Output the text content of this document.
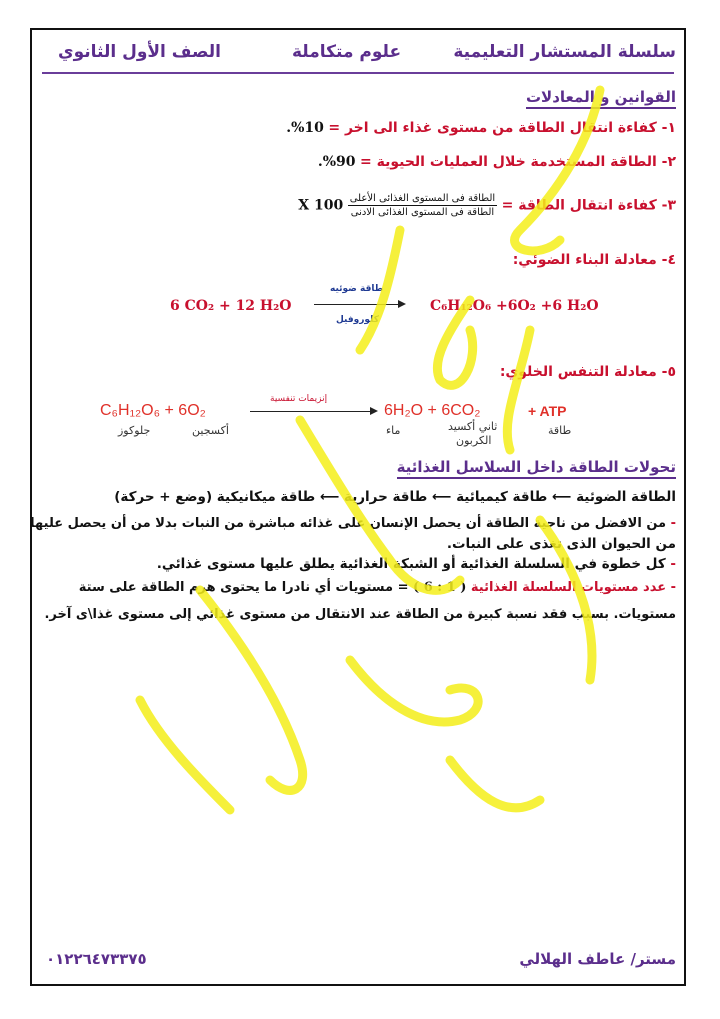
سلسلة المستشار التعليمية
علوم متكاملة
الصف الأول الثانوي
القوانين و المعادلات
١- كفاءة انتقال الطاقة من مستوى غذاء الى اخر = 10%.
٢- الطاقة المستخدمة خلال العمليات الحيوية = 90%.
٣- كفاءة انتقال الطاقة =
$\frac{\text{الطاقة فى المستوى الغذائى الأعلى}}{\text{الطاقة فى المستوى الغذائى الادنى}}$
X 100
٤- معادلة البناء الضوئي:
6 CO₂ + 12 H₂O
طاقة ضوئيه
كلوروفيل
C₆H₁₂O₆ +6O₂ +6 H₂O
٥- معادلة التنفس الخلوي:
C₆H₁₂O₆ + 6O₂
إنزيمات تنفسية
6H₂O + 6CO₂	+ ATP
جلوكوز	أكسجين	ماء	ثاني أكسيد
الكربون
طاقة
تحولات الطاقة داخل السلاسل الغذائية
الطاقة الضوئية ⟵ طاقة كيميائية ⟵ طاقة حرارية ⟵ طاقة ميكانيكية (وضع + حركة)
- من الافضل من ناحية الطاقة أن يحصل الإنسان على غذائه مباشرة من النبات بدلا من أن يحصل عليها
من الحيوان الذى تغذى على النبات.
- كل خطوة في السلسلة الغذائية أو الشبكة الغذائية يطلق عليها مستوى غذائي.
- عدد مستويات السلسلة الغذائية = ( 6 : 1 ) مستويات أي نادرا ما يحتوى هرم الطاقة على ستة
مستويات. بسبب فقد نسبة كبيرة من الطاقة عند الانتقال من مستوى غذائي إلى مستوى غذا\ى آخر.
مستر/ عاطف الهلالي
٠١٢٢٦٤٧٣٣٧٥
